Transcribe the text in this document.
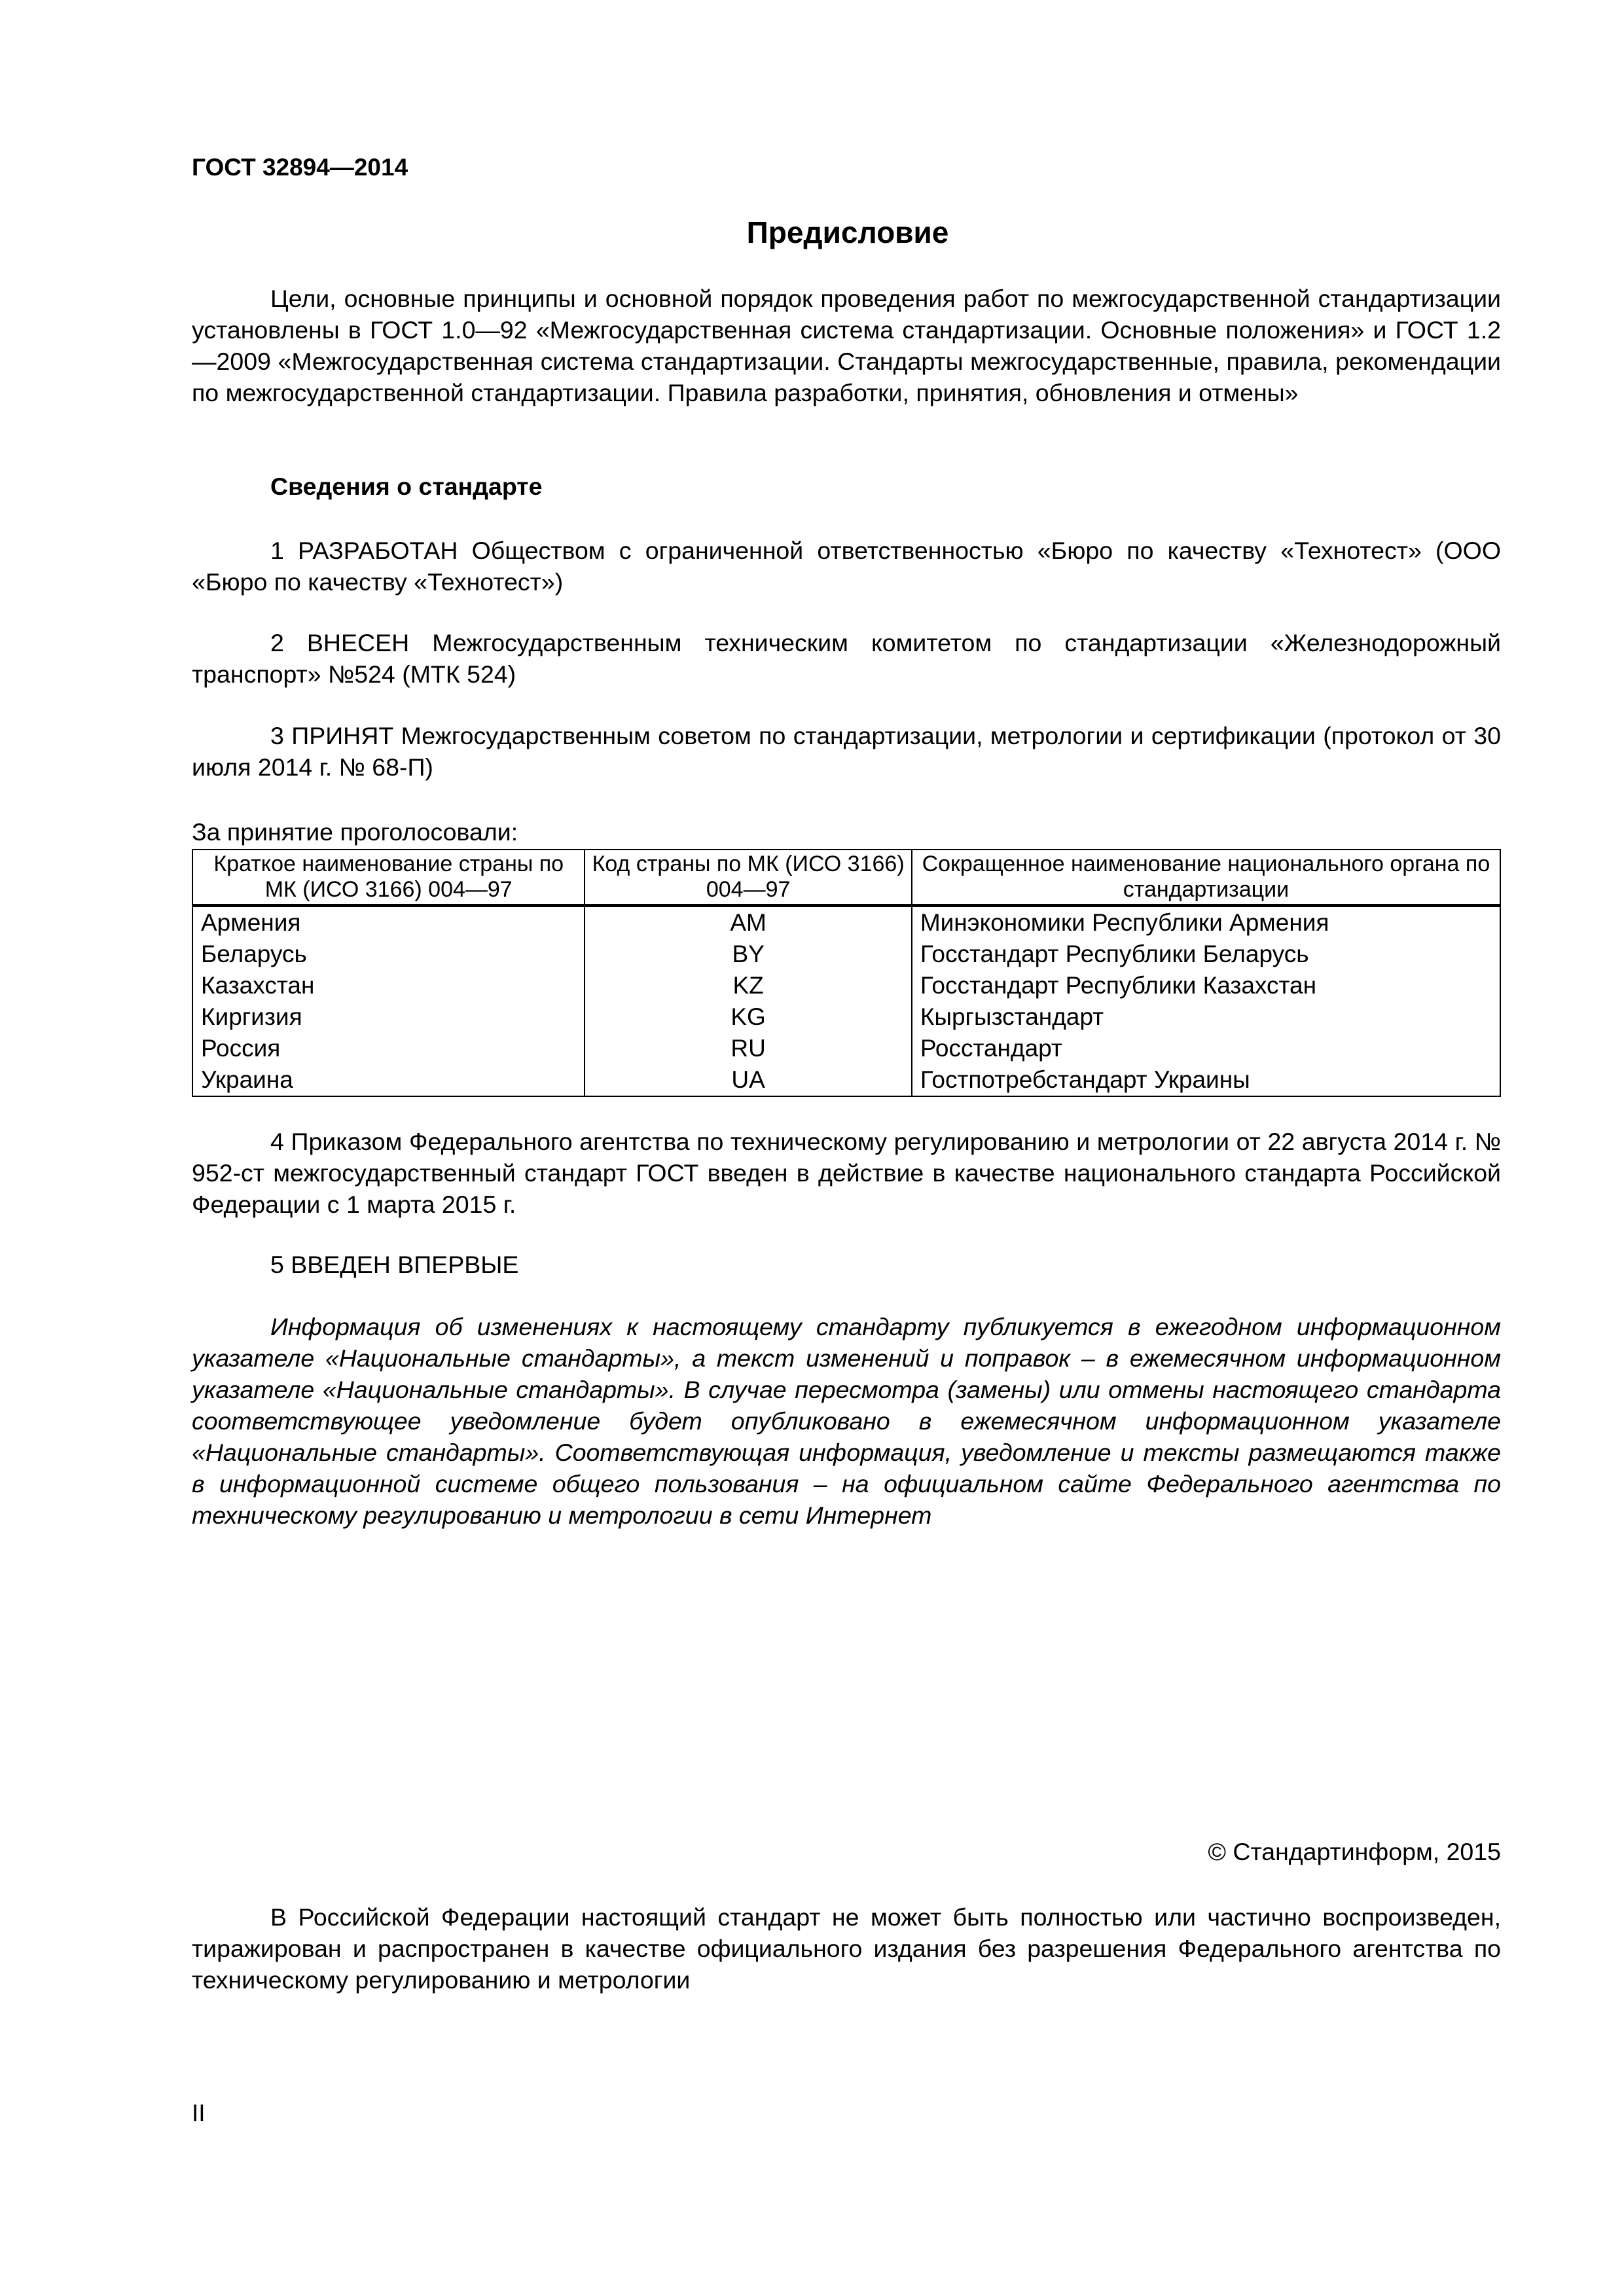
ГОСТ 32894—2014
Предисловие
Цели, основные принципы и основной порядок проведения работ по межгосударственной стандартизации установлены в ГОСТ 1.0—92 «Межгосударственная система стандартизации. Основные положения» и ГОСТ 1.2—2009 «Межгосударственная система стандартизации. Стандарты межгосударственные, правила, рекомендации по межгосударственной стандартизации. Правила разработки, принятия, обновления и отмены»
Сведения о стандарте
1 РАЗРАБОТАН Обществом с ограниченной ответственностью «Бюро по качеству «Технотест» (ООО «Бюро по качеству «Технотест»)
2 ВНЕСЕН Межгосударственным техническим комитетом по стандартизации «Железнодорожный транспорт» №524 (МТК 524)
3 ПРИНЯТ Межгосударственным советом по стандартизации, метрологии и сертификации (протокол от 30 июля 2014 г. № 68-П)
За принятие проголосовали:
Краткое наименование страны по МК (ИСО 3166) 004—97	Код страны по МК (ИСО 3166) 004—97	Сокращенное наименование национального органа по стандартизации
Армения	AM	Минэкономики Республики Армения
Беларусь	BY	Госстандарт Республики Беларусь
Казахстан	KZ	Госстандарт Республики Казахстан
Киргизия	KG	Кыргызстандарт
Россия	RU	Росстандарт
Украина	UA	Гостпотребстандарт Украины
4 Приказом Федерального агентства по техническому регулированию и метрологии от 22 августа 2014 г. № 952-ст межгосударственный стандарт ГОСТ введен в действие в качестве национального стандарта Российской Федерации с 1 марта 2015 г.
5 ВВЕДЕН ВПЕРВЫЕ
Информация об изменениях к настоящему стандарту публикуется в ежегодном информационном указателе «Национальные стандарты», а текст изменений и поправок – в ежемесячном информационном указателе «Национальные стандарты». В случае пересмотра (замены) или отмены настоящего стандарта соответствующее уведомление будет опубликовано в ежемесячном информационном указателе «Национальные стандарты». Соответствующая информация, уведомление и тексты размещаются также в информационной системе общего пользования – на официальном сайте Федерального агентства по техническому регулированию и метрологии в сети Интернет
© Стандартинформ, 2015
В Российской Федерации настоящий стандарт не может быть полностью или частично воспроизведен, тиражирован и распространен в качестве официального издания без разрешения Федерального агентства по техническому регулированию и метрологии
II
